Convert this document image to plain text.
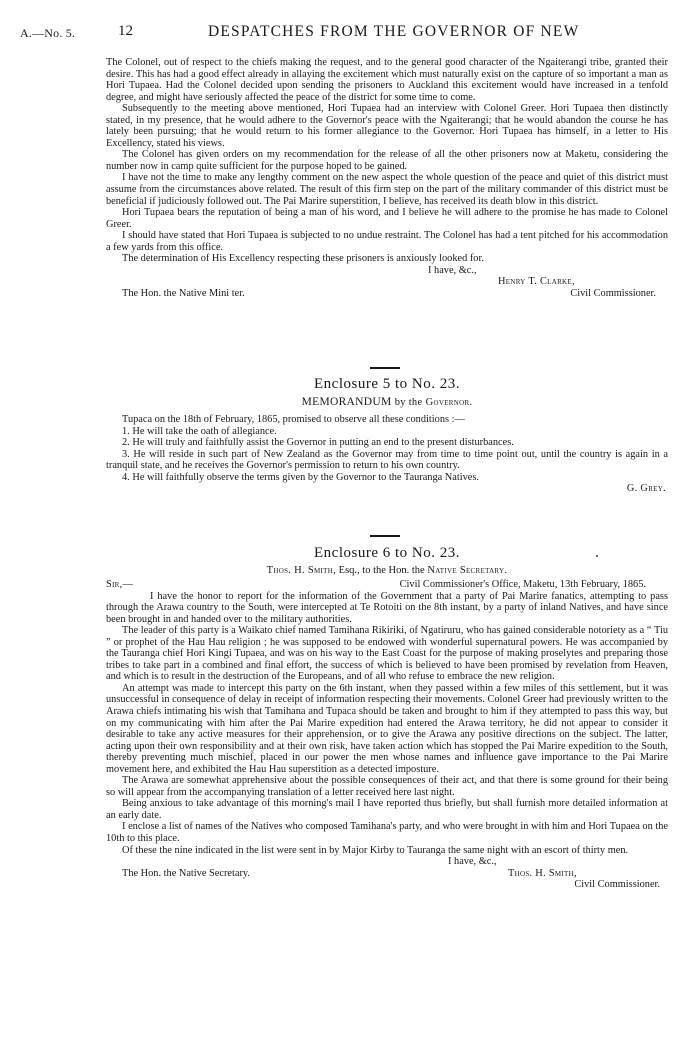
A.—No. 5.	12	DESPATCHES FROM THE GOVERNOR OF NEW

The Colonel, out of respect to the chiefs making the request, and to the general good character of the Ngaiterangi tribe, granted their desire. This has had a good effect already in allaying the excitement which must naturally exist on the capture of so important a man as Hori Tupaea. Had the Colonel decided upon sending the prisoners to Auckland this excitement would have increased in a tenfold degree, and might have seriously affected the peace of the district for some time to come.

Subsequently to the meeting above mentioned, Hori Tupaea had an interview with Colonel Greer. Hori Tupaea then distinctly stated, in my presence, that he would adhere to the Governor's peace with the Ngaiterangi; that he would abandon the course he has lately been pursuing; that he would return to his former allegiance to the Governor. Hori Tupaea has himself, in a letter to His Excellency, stated his views.

The Colonel has given orders on my recommendation for the release of all the other prisoners now at Maketu, considering the number now in camp quite sufficient for the purpose hoped to be gained.

I have not the time to make any lengthy comment on the new aspect the whole question of the peace and quiet of this district must assume from the circumstances above related. The result of this firm step on the part of the military commander of this district must be beneficial if judiciously followed out. The Pai Marire superstition, I believe, has received its death blow in this district.

Hori Tupaea bears the reputation of being a man of his word, and I believe he will adhere to the promise he has made to Colonel Greer.

I should have stated that Hori Tupaea is subjected to no undue restraint. The Colonel has had a tent pitched for his accommodation a few yards from this office.

The determination of His Excellency respecting these prisoners is anxiously looked for.

I have, &c.,
Henry T. Clarke,
The Hon. the Native Mini ter.	Civil Commissioner.
Enclosure 5 to No. 23.
MEMORANDUM by the Governor.

Tupaca on the 18th of February, 1865, promised to observe all these conditions :—

1. He will take the oath of allegiance.

2. He will truly and faithfully assist the Governor in putting an end to the present disturbances.

3. He will reside in such part of New Zealand as the Governor may from time to time point out, until the country is again in a tranquil state, and he receives the Governor's permission to return to his own country.

4. He will faithfully observe the terms given by the Governor to the Tauranga Natives.

G. Grey.
Enclosure 6 to No. 23.
Thos. H. Smith, Esq., to the Hon. the Native Secretary.
Sir,—	Civil Commissioner's Office, Maketu, 13th February, 1865.

I have the honor to report for the information of the Government that a party of Pai Marire fanatics, attempting to pass through the Arawa country to the South, were intercepted at Te Rotoiti on the 8th instant, by a party of inland Natives, and have since been brought in and handed over to the military authorities.

The leader of this party is a Waikato chief named Tamihana Rikiriki, of Ngatiruru, who has gained considerable notoriety as a “ Tiu ” or prophet of the Hau Hau religion ; he was supposed to be endowed with wonderful supernatural powers. He was accompanied by the Tauranga chief Hori Kingi Tupaea, and was on his way to the East Coast for the purpose of making proselytes and preparing those tribes to take part in a combined and final effort, the success of which is believed to have been promised by revelation from Heaven, and which is to result in the destruction of the Europeans, and of all who refuse to embrace the new religion.

An attempt was made to intercept this party on the 6th instant, when they passed within a few miles of this settlement, but it was unsuccessful in consequence of delay in receipt of information respecting their movements. Colonel Greer had previously written to the Arawa chiefs intimating his wish that Tamihana and Tupaca should be taken and brought to him if they attempted to pass this way, but on my communicating with him after the Pai Marire expedition had entered the Arawa territory, he did not appear to consider it desirable to take any active measures for their apprehension, or to give the Arawa any positive directions on the subject. The latter, acting upon their own responsibility and at their own risk, have taken action which has stopped the Pai Marire expedition to the South, thereby preventing much mischief, placed in our power the men whose names and influence gave importance to the Pai Marire movement here, and exhibited the Hau Hau superstition as a detected imposture.

The Arawa are somewhat apprehensive about the possible consequences of their act, and that there is some ground for their being so will appear from the accompanying translation of a letter received here last night.

Being anxious to take advantage of this morning's mail I have reported thus briefly, but shall furnish more detailed information at an early date.

I enclose a list of names of the Natives who composed Tamihana's party, and who were brought in with him and Hori Tupaea on the 10th to this place.

Of these the nine indicated in the list were sent in by Major Kirby to Tauranga the same night with an escort of thirty men.

I have, &c.,
The Hon. the Native Secretary.	Thos. H. Smith,
Civil Commissioner.
